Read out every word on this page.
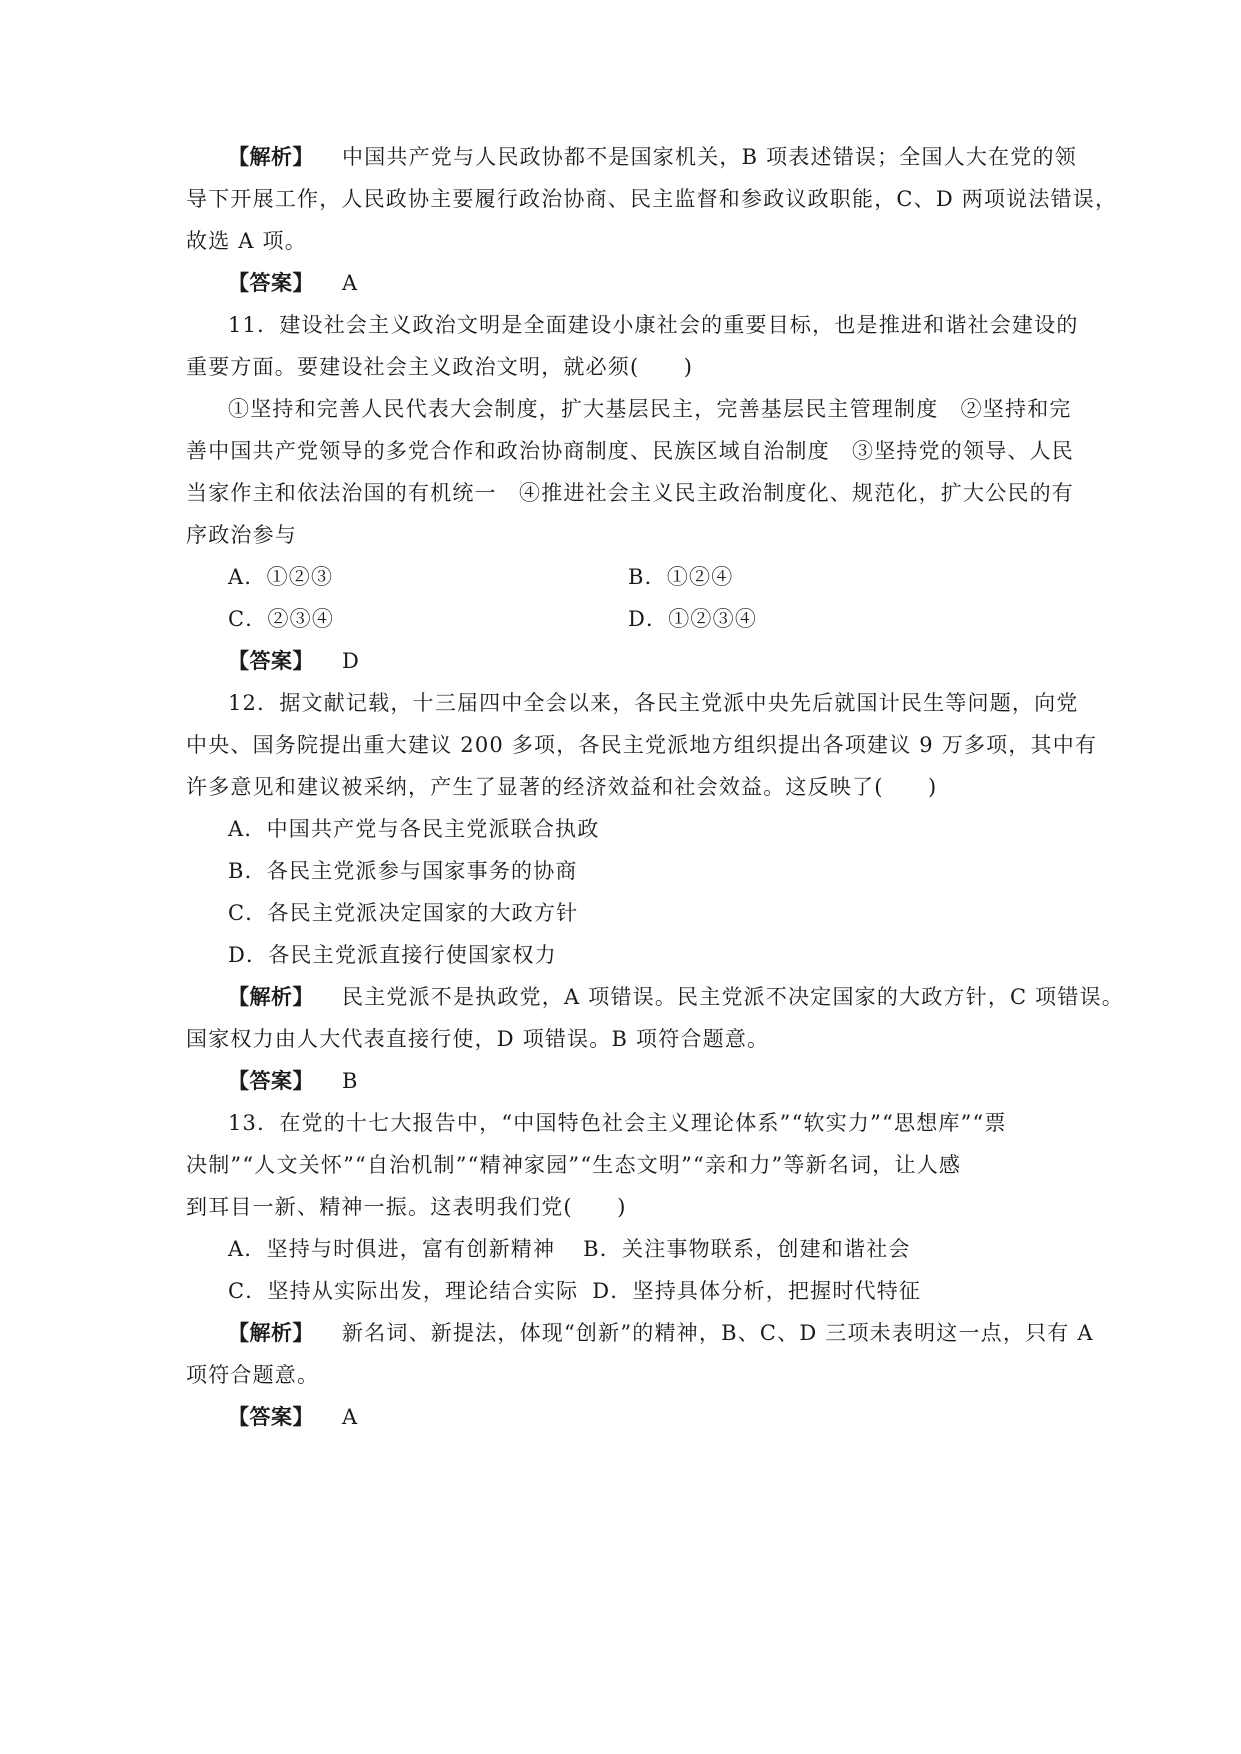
【解析】 中国共产党与人民政协都不是国家机关，B 项表述错误；全国人大在党的领
导下开展工作，人民政协主要履行政治协商、民主监督和参政议政职能，C、D 两项说法错误，
故选 A 项。
【答案】 A
11．建设社会主义政治文明是全面建设小康社会的重要目标，也是推进和谐社会建设的
重要方面。要建设社会主义政治文明，就必须(　　)
①坚持和完善人民代表大会制度，扩大基层民主，完善基层民主管理制度　②坚持和完
善中国共产党领导的多党合作和政治协商制度、民族区域自治制度　③坚持党的领导、人民
当家作主和依法治国的有机统一　④推进社会主义民主政治制度化、规范化，扩大公民的有
序政治参与
A．①②③	B．①②④
C．②③④	D．①②③④
【答案】 D
12．据文献记载，十三届四中全会以来，各民主党派中央先后就国计民生等问题，向党
中央、国务院提出重大建议 200 多项，各民主党派地方组织提出各项建议 9 万多项，其中有
许多意见和建议被采纳，产生了显著的经济效益和社会效益。这反映了(　　)
A．中国共产党与各民主党派联合执政
B．各民主党派参与国家事务的协商
C．各民主党派决定国家的大政方针
D．各民主党派直接行使国家权力
【解析】 民主党派不是执政党，A 项错误。民主党派不决定国家的大政方针，C 项错误。
国家权力由人大代表直接行使，D 项错误。B 项符合题意。
【答案】 B
13．在党的十七大报告中，“中国特色社会主义理论体系”“软实力”“思想库”“票
决制”“人文关怀”“自治机制”“精神家园”“生态文明”“亲和力”等新名词，让人感
到耳目一新、精神一振。这表明我们党(　　)
A．坚持与时俱进，富有创新精神 B．关注事物联系，创建和谐社会
C．坚持从实际出发，理论结合实际 D．坚持具体分析，把握时代特征
【解析】 新名词、新提法，体现“创新”的精神，B、C、D 三项未表明这一点，只有 A
项符合题意。
【答案】 A
